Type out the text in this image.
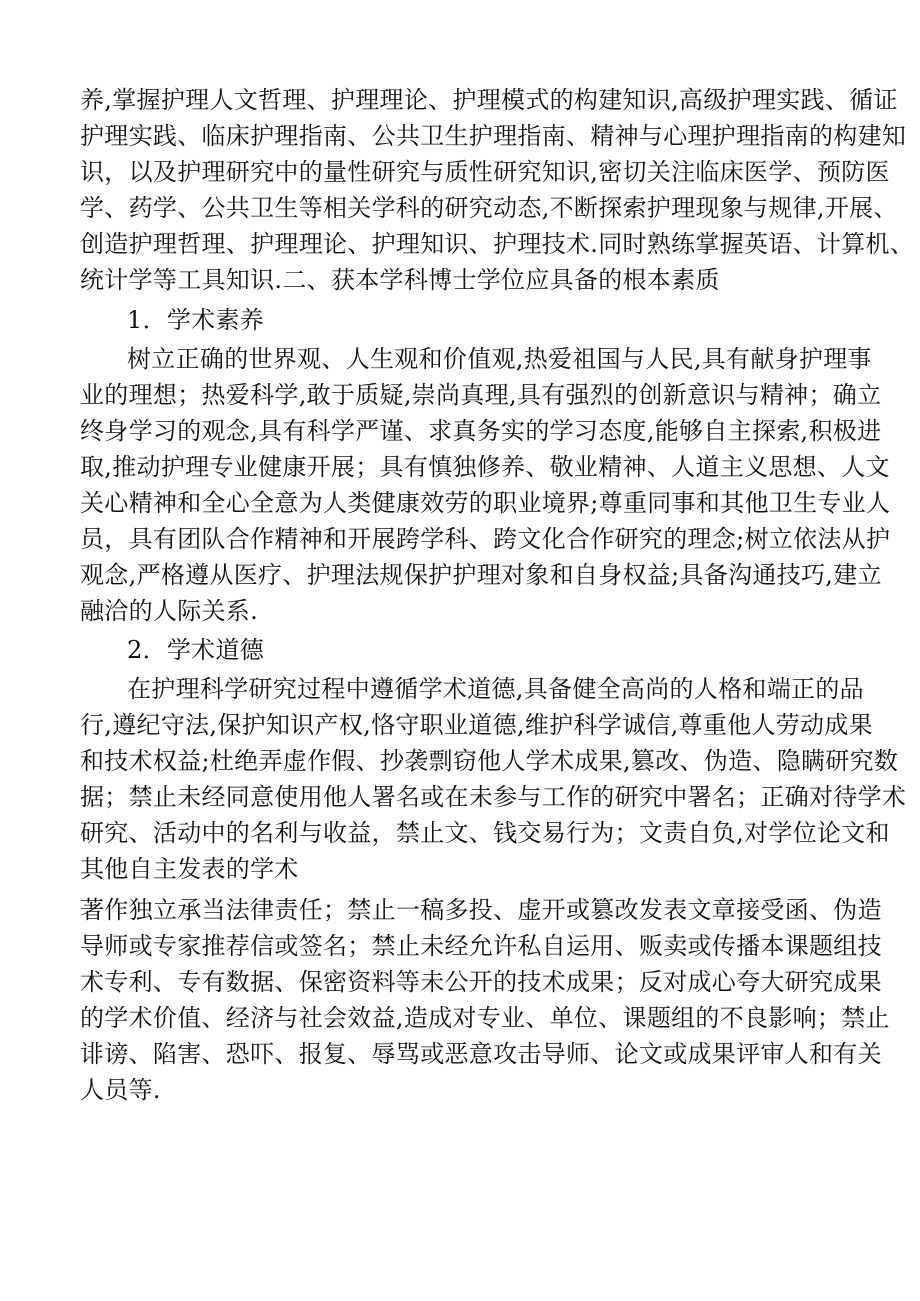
养,掌握护理人文哲理、护理理论、护理模式的构建知识,高级护理实践、循证
护理实践、临床护理指南、公共卫生护理指南、精神与心理护理指南的构建知
识，以及护理研究中的量性研究与质性研究知识,密切关注临床医学、预防医
学、药学、公共卫生等相关学科的研究动态,不断探索护理现象与规律,开展、
创造护理哲理、护理理论、护理知识、护理技术.同时熟练掌握英语、计算机、
统计学等工具知识.二、获本学科博士学位应具备的根本素质
1．学术素养
树立正确的世界观、人生观和价值观,热爱祖国与人民,具有献身护理事
业的理想；热爱科学,敢于质疑,崇尚真理,具有强烈的创新意识与精神；确立
终身学习的观念,具有科学严谨、求真务实的学习态度,能够自主探索,积极进
取,推动护理专业健康开展；具有慎独修养、敬业精神、人道主义思想、人文
关心精神和全心全意为人类健康效劳的职业境界;尊重同事和其他卫生专业人
员，具有团队合作精神和开展跨学科、跨文化合作研究的理念;树立依法从护
观念,严格遵从医疗、护理法规保护护理对象和自身权益;具备沟通技巧,建立
融洽的人际关系.
2．学术道德
在护理科学研究过程中遵循学术道德,具备健全高尚的人格和端正的品
行,遵纪守法,保护知识产权,恪守职业道德,维护科学诚信,尊重他人劳动成果
和技术权益;杜绝弄虚作假、抄袭剽窃他人学术成果,篡改、伪造、隐瞒研究数
据；禁止未经同意使用他人署名或在未参与工作的研究中署名；正确对待学术
研究、活动中的名利与收益，禁止文、钱交易行为；文责自负,对学位论文和
其他自主发表的学术
著作独立承当法律责任；禁止一稿多投、虚开或篡改发表文章接受函、伪造
导师或专家推荐信或签名；禁止未经允许私自运用、贩卖或传播本课题组技
术专利、专有数据、保密资料等未公开的技术成果；反对成心夸大研究成果
的学术价值、经济与社会效益,造成对专业、单位、课题组的不良影响；禁止
诽谤、陷害、恐吓、报复、辱骂或恶意攻击导师、论文或成果评审人和有关
人员等.
